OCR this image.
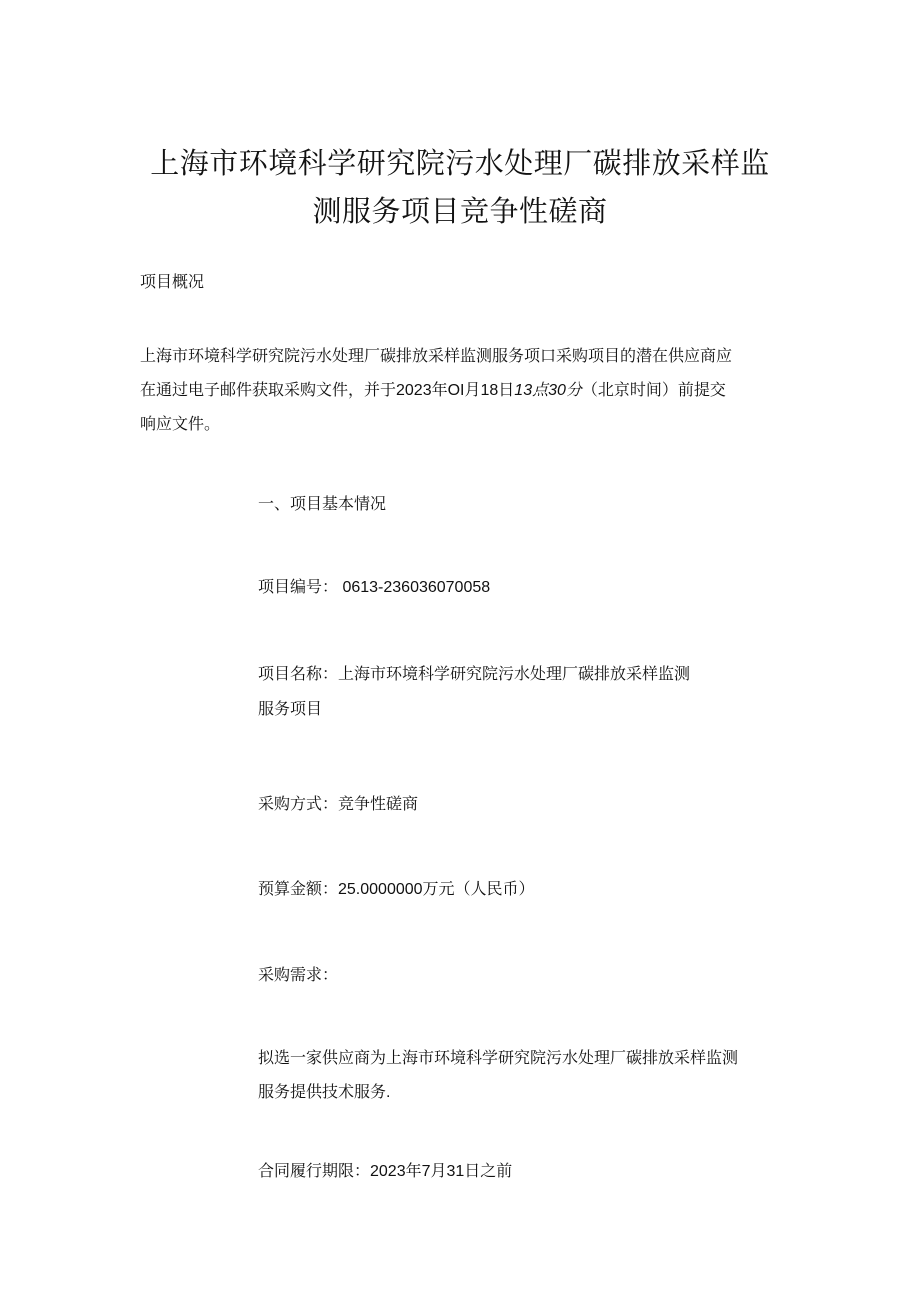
上海市环境科学研究院污水处理厂碳排放采样监
测服务项目竞争性磋商
项目概况
上海市环境科学研究院污水处理厂碳排放采样监测服务项口采购项目的潜在供应商应
在通过电子邮件获取采购文件，并于2023年OI月18日13点30分（北京时间）前提交
响应文件。
一、项目基本情况
项目编号： 0613-236036070058
项目名称：上海市环境科学研究院污水处理厂碳排放采样监测
服务项目
采购方式：竞争性磋商
预算金额：25.0000000万元（人民币）
采购需求：
拟选一家供应商为上海市环境科学研究院污水处理厂碳排放采样监测
服务提供技术服务.
合同履行期限：2023年7月31日之前
